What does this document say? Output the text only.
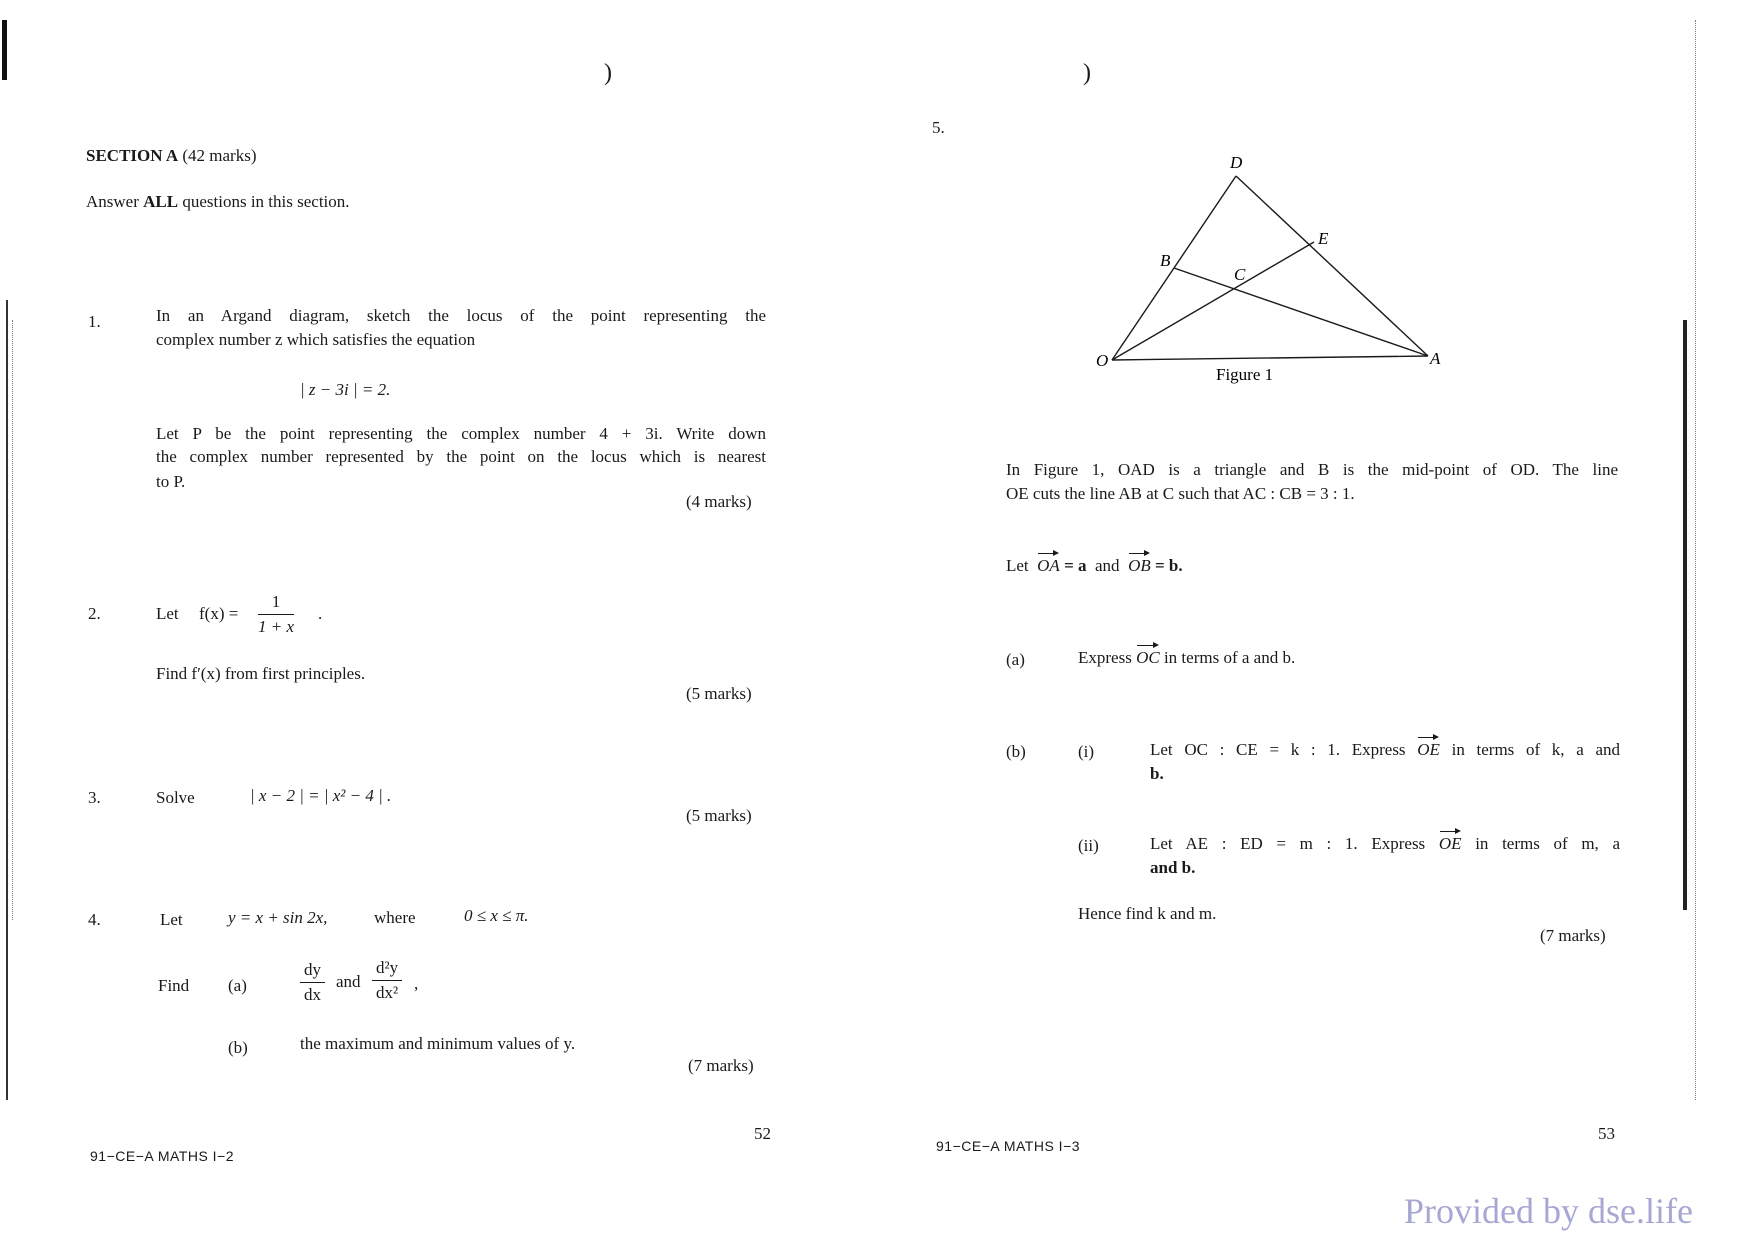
)	)
SECTION A (42 marks)
Answer ALL questions in this section.
1.	In an Argand diagram, sketch the locus of the point representing the
complex number z which satisfies the equation
| z − 3i | = 2.
Let P be the point representing the complex number 4 + 3i. Write down
the complex number represented by the point on the locus which is nearest
to P.
(4 marks)
2.	Let $f(x) = \frac{1}{1 + x}$ .
Find f′(x) from first principles.
(5 marks)
3.	Solve	| x − 2 | = | x² − 4 | .
(5 marks)
4.	Let	y = x + sin 2x,	where	0 ≤ x ≤ π.
Find (a)	$\frac{dy}{dx}$ and $\frac{\text{d²y}}{\text{dx²}}$ ,
(b)	the maximum and minimum values of y.
(7 marks)
52
91−CE−A MATHS I−2
5.
D
E
B
C
O	A
Figure 1
In Figure 1, OAD is a triangle and B is the mid-point of OD. The line
OE cuts the line AB at C such that AC : CB = 3 : 1.
Let OA = a and OB = b.
(a)	Express OC in terms of a and b.
(b)	(i)	Let OC : CE = k : 1. Express OE in terms of k, a and
b.
(ii)	Let AE : ED = m : 1. Express OE in terms of m, a
and b.
Hence find k and m.
(7 marks)
53
91−CE−A MATHS I−3
Provided by dse.life
